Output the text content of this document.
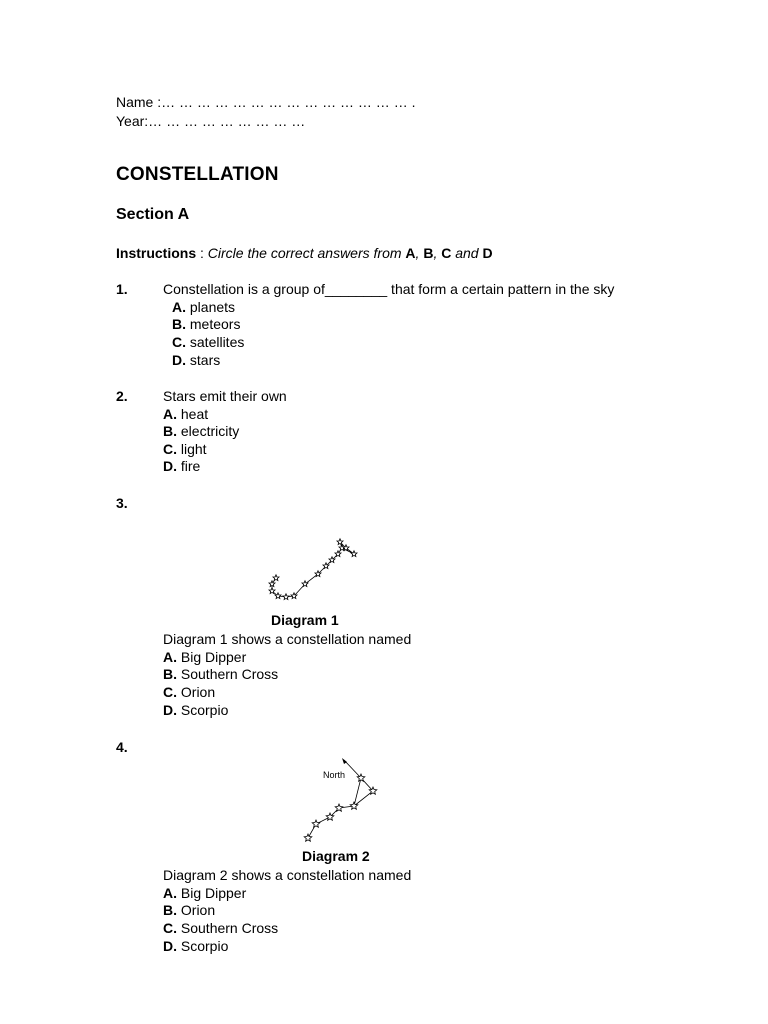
Name :… … … … … … … … … … … … … … .
Year:… … … … … … … … …
CONSTELLATION
Section A
Instructions : Circle the correct answers from A, B, C and D
1.	Constellation is a group of________ that form a certain pattern in the sky
A. planets
B. meteors
C. satellites
D. stars
2.	Stars emit their own
A. heat
B. electricity
C. light
D. fire
3.
Diagram 1
Diagram 1 shows a constellation named
A. Big Dipper
B. Southern Cross
C. Orion
D. Scorpio
4.
North
Diagram 2
Diagram 2 shows a constellation named
A. Big Dipper
B. Orion
C. Southern Cross
D. Scorpio
